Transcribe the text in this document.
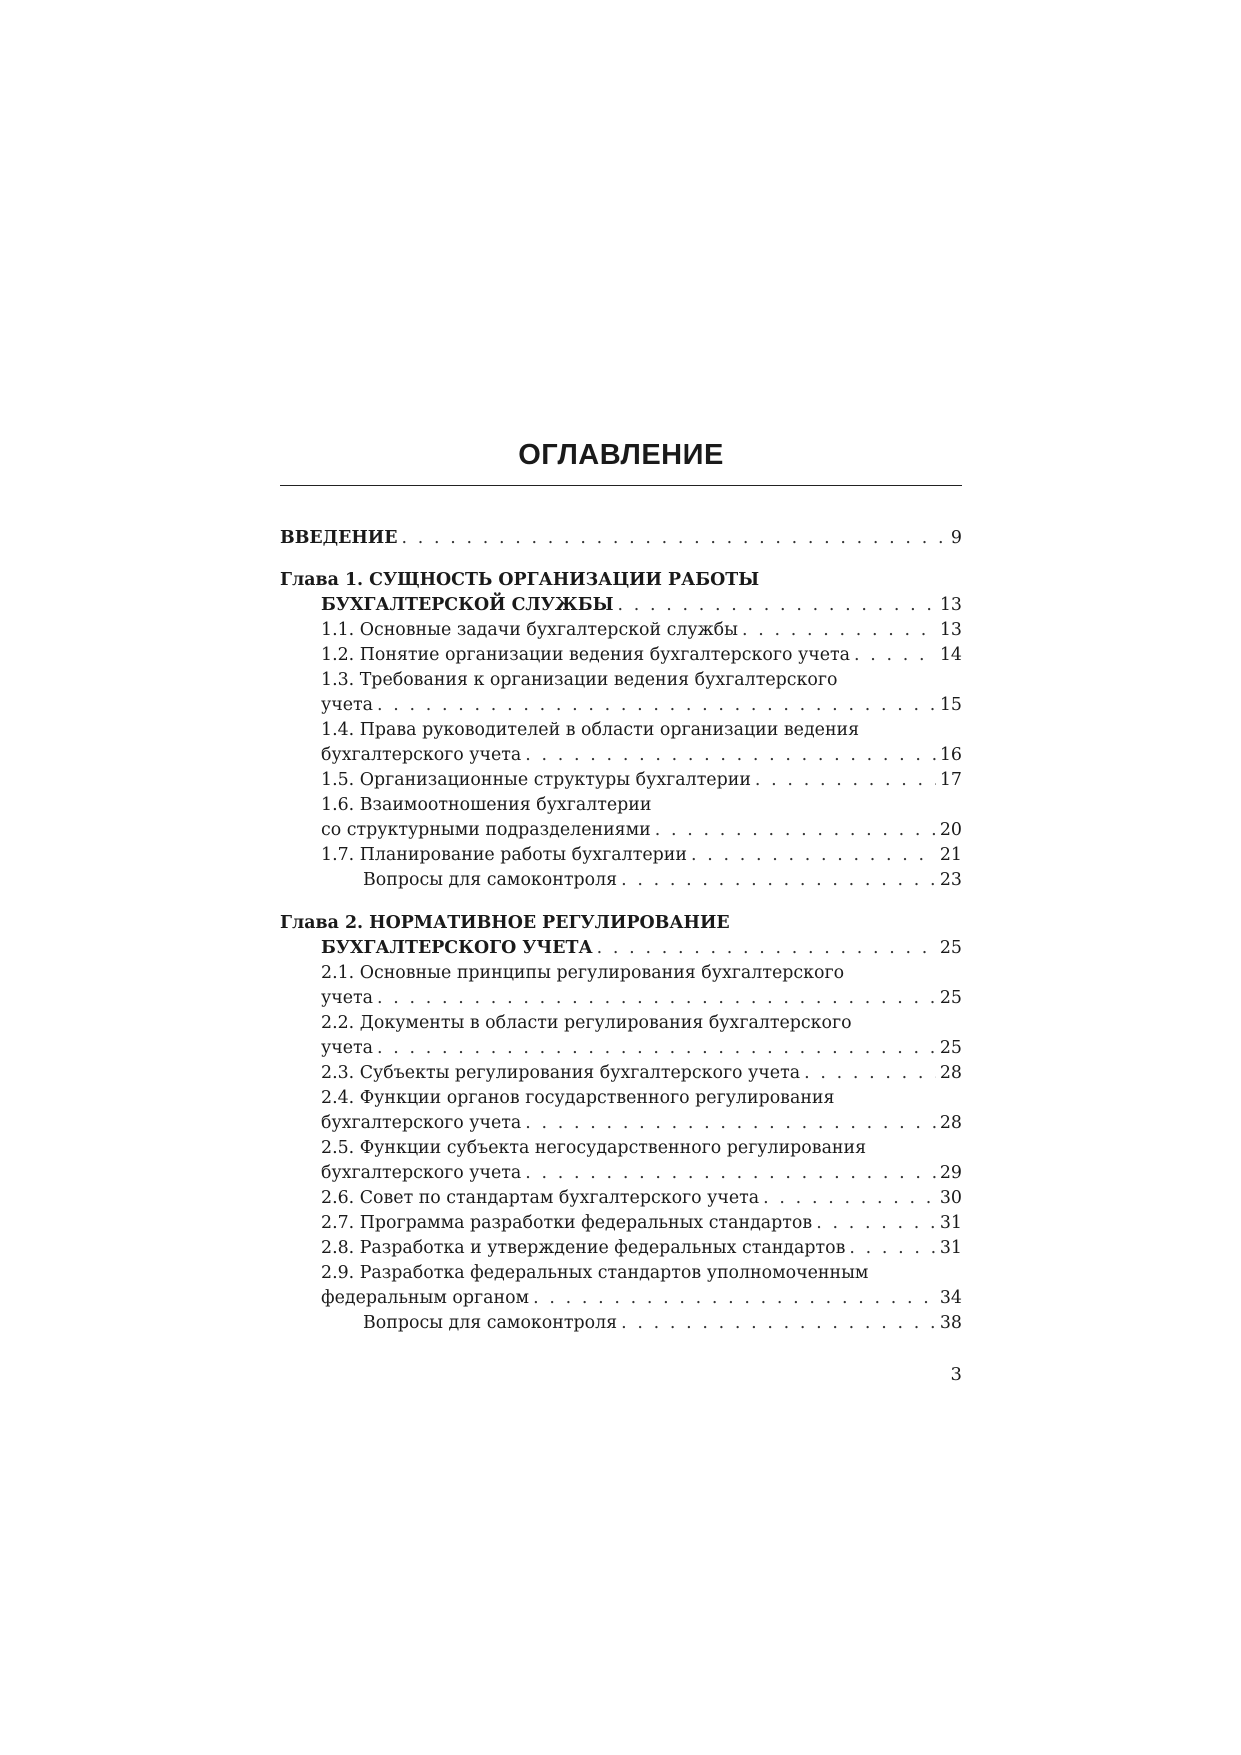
ОГЛАВЛЕНИЕ
ВВЕДЕНИЕ . . .	9
Глава 1. СУЩНОСТЬ ОРГАНИЗАЦИИ РАБОТЫ
БУХГАЛТЕРСКОЙ СЛУЖБЫ . . .	13
1.1. Основные задачи бухгалтерской службы . . .	13
1.2. Понятие организации ведения бухгалтерского учета . . .	14
1.3. Требования к организации ведения бухгалтерского
учета . . .	15
1.4. Права руководителей в области организации ведения
бухгалтерского учета . . .	16
1.5. Организационные структуры бухгалтерии . . .	17
1.6. Взаимоотношения бухгалтерии
со структурными подразделениями . . .	20
1.7. Планирование работы бухгалтерии . . .	21
Вопросы для самоконтроля . . .	23
Глава 2. НОРМАТИВНОЕ РЕГУЛИРОВАНИЕ
БУХГАЛТЕРСКОГО УЧЕТА . . .	25
2.1. Основные принципы регулирования бухгалтерского
учета . . .	25
2.2. Документы в области регулирования бухгалтерского
учета . . .	25
2.3. Субъекты регулирования бухгалтерского учета . . .	28
2.4. Функции органов государственного регулирования
бухгалтерского учета . . .	28
2.5. Функции субъекта негосударственного регулирования
бухгалтерского учета . . .	29
2.6. Совет по стандартам бухгалтерского учета . . .	30
2.7. Программа разработки федеральных стандартов . . .	31
2.8. Разработка и утверждение федеральных стандартов . . .	31
2.9. Разработка федеральных стандартов уполномоченным
федеральным органом . . .	34
Вопросы для самоконтроля . . .	38
3
